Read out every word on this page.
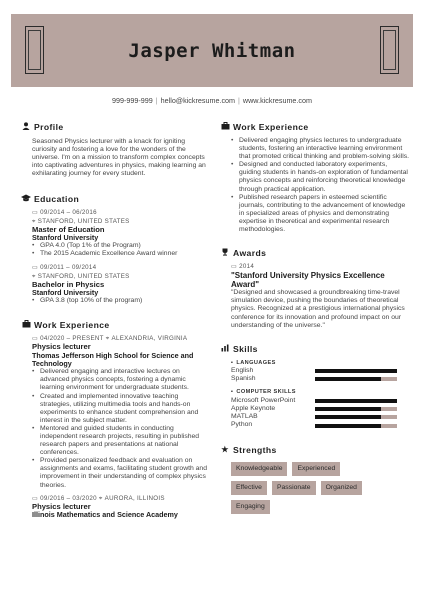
Jasper Whitman
999-999-999 | hello@kickresume.com | www.kickresume.com
Profile
Seasoned Physics lecturer with a knack for igniting curiosity and fostering a love for the wonders of the universe. I'm on a mission to transform complex concepts into captivating adventures in physics, making learning an exhilarating journey for every student.
Education
▭ 09/2014 – 06/2016
⌖ STANFORD, UNITED STATES
Master of Education
Stanford University
• GPA 4.0 (Top 1% of the Program)
• The 2015 Academic Excellence Award winner
▭ 09/2011 – 09/2014
⌖ STANFORD, UNITED STATES
Bachelor in Physics
Stanford University
• GPA 3.8 (top 10% of the program)
Work Experience
▭ 04/2020 – PRESENT ⌖ ALEXANDRIA, VIRGINIA
Physics lecturer
Thomas Jefferson High School for Science and Technology
• Delivered engaging and interactive lectures on advanced physics concepts, fostering a dynamic learning environment for undergraduate students.
• Created and implemented innovative teaching strategies, utilizing multimedia tools and hands-on experiments to enhance student comprehension and interest in the subject matter.
• Mentored and guided students in conducting independent research projects, resulting in published research papers and presentations at national conferences.
• Provided personalized feedback and evaluation on assignments and exams, facilitating student growth and improvement in their understanding of complex physics theories.
▭ 09/2016 – 03/2020 ⌖ AURORA, ILLINOIS
Physics lecturer
Illinois Mathematics and Science Academy
Work Experience
• Delivered engaging physics lectures to undergraduate students, fostering an interactive learning environment that promoted critical thinking and problem-solving skills.
• Designed and conducted laboratory experiments, guiding students in hands-on exploration of fundamental physics concepts and reinforcing theoretical knowledge through practical application.
• Published research papers in esteemed scientific journals, contributing to the advancement of knowledge in specialized areas of physics and demonstrating expertise in theoretical and experimental research methodologies.
Awards
▭ 2014
"Stanford University Physics Excellence Award"
"Designed and showcased a groundbreaking time-travel simulation device, pushing the boundaries of theoretical physics. Recognized at a prestigious international physics conference for its innovation and profound impact on our understanding of the universe."
Skills
▪ LANGUAGES
English
Spanish
▪ COMPUTER SKILLS
Microsoft PowerPoint
Apple Keynote
MATLAB
Python
★ Strengths
Knowledgeable	Experienced
Effective	Passionate	Organized
Engaging
